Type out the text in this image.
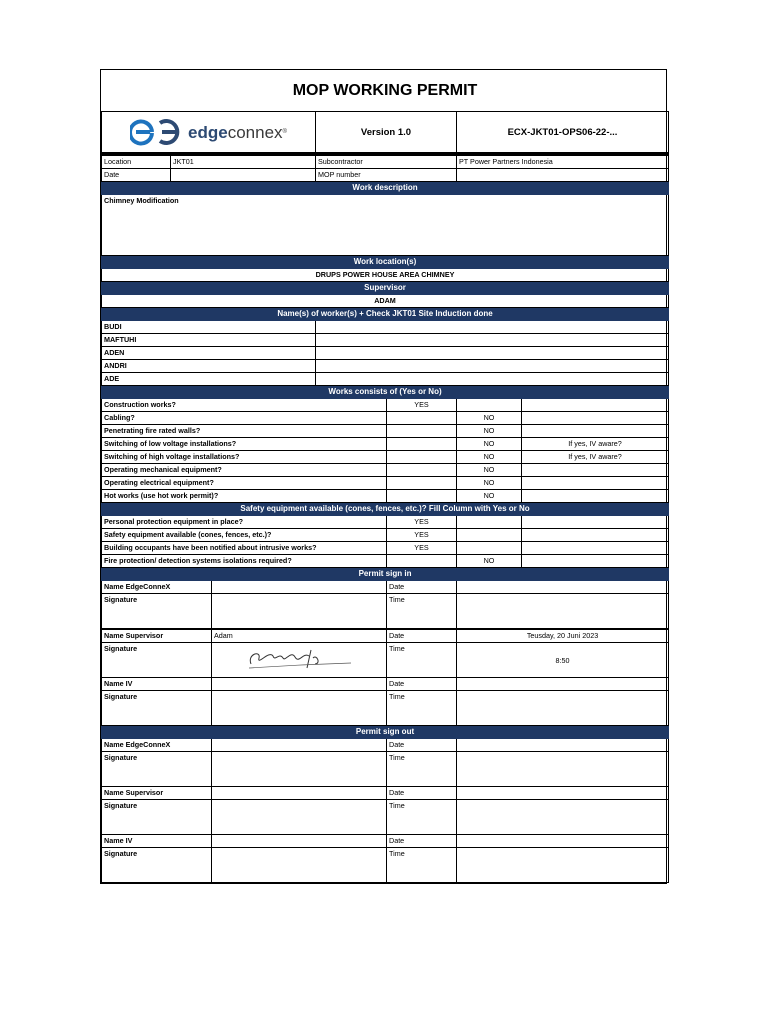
MOP WORKING PERMIT						

edgeconnex®			Version 1.0		ECX-JKT01-OPS06-22-...	
Location	JKT01		Subcontractor		PT Power Partners Indonesia	
Date			MOP number			
Work description						
Chimney Modification						
Work location(s)						
DRUPS POWER HOUSE AREA CHIMNEY						
Supervisor						
ADAM						
Name(s) of worker(s) + Check JKT01 Site Induction done						
BUDI						
MAFTUHI						
ADEN						
ANDRI						
ADE						
Works consists of (Yes or No)						
Construction works?				YES		
Cabling?					NO	
Penetrating fire rated walls?					NO	
Switching of low voltage installations?					NO	If yes, IV aware?
Switching of high voltage installations?					NO	If yes, IV aware?
Operating mechanical equipment?					NO	
Operating electrical equipment?					NO	
Hot works (use hot work permit)?					NO	
Safety equipment available (cones, fences, etc.)? Fill Column with Yes or No						
Personal protection equipment in place?				YES		
Safety equipment available (cones, fences, etc.)?				YES		
Building occupants have been notified about intrusive works?				YES		
Fire protection/ detection systems isolations required?					NO	
Permit sign in						
Name EdgeConneX				Date		
Signature				Time		
Name Supervisor		Adam		Date	Teusday, 20 Juni 2023	
Signature				Time	8:50	
Name IV				Date		
Signature				Time		
Permit sign out						
Name EdgeConneX				Date		
Signature				Time		
Name Supervisor				Date		
Signature				Time		
Name IV				Date		
Signature				Time		
